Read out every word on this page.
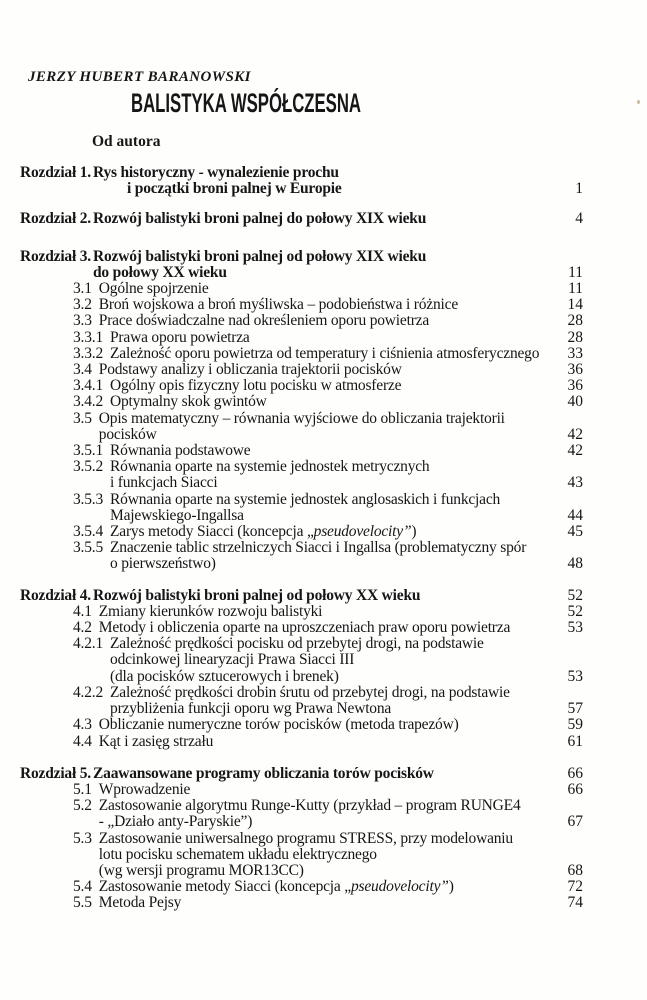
JERZY HUBERT BARANOWSKI
BALISTYKA WSPÓŁCZESNA
Od autora
Rozdział 1. Rys historyczny - wynalezienie prochu
i początki broni palnej w Europie	1
Rozdział 2. Rozwój balistyki broni palnej do połowy XIX wieku	4
Rozdział 3. Rozwój balistyki broni palnej od połowy XIX wieku
do połowy XX wieku	11
3.1 Ogólne spojrzenie	11
3.2 Broń wojskowa a broń myśliwska – podobieństwa i różnice	14
3.3 Prace doświadczalne nad określeniem oporu powietrza	28
3.3.1 Prawa oporu powietrza	28
3.3.2 Zależność oporu powietrza od temperatury i ciśnienia atmosferycznego	33
3.4 Podstawy analizy i obliczania trajektorii pocisków	36
3.4.1 Ogólny opis fizyczny lotu pocisku w atmosferze	36
3.4.2 Optymalny skok gwintów	40
3.5 Opis matematyczny – równania wyjściowe do obliczania trajektorii
pocisków	42
3.5.1 Równania podstawowe	42
3.5.2 Równania oparte na systemie jednostek metrycznych
i funkcjach Siacci	43
3.5.3 Równania oparte na systemie jednostek anglosaskich i funkcjach
Majewskiego-Ingallsa	44
3.5.4 Zarys metody Siacci (koncepcja „pseudovelocity”)	45
3.5.5 Znaczenie tablic strzelniczych Siacci i Ingallsa (problematyczny spór
o pierwszeństwo)	48
Rozdział 4. Rozwój balistyki broni palnej od połowy XX wieku	52
4.1 Zmiany kierunków rozwoju balistyki	52
4.2 Metody i obliczenia oparte na uproszczeniach praw oporu powietrza	53
4.2.1 Zależność prędkości pocisku od przebytej drogi, na podstawie
odcinkowej linearyzacji Prawa Siacci III
(dla pocisków sztucerowych i brenek)	53
4.2.2 Zależność prędkości drobin śrutu od przebytej drogi, na podstawie
przybliżenia funkcji oporu wg Prawa Newtona	57
4.3 Obliczanie numeryczne torów pocisków (metoda trapezów)	59
4.4 Kąt i zasięg strzału	61
Rozdział 5. Zaawansowane programy obliczania torów pocisków	66
5.1 Wprowadzenie	66
5.2 Zastosowanie algorytmu Runge-Kutty (przykład – program RUNGE4
- „Działo anty-Paryskie”)	67
5.3 Zastosowanie uniwersalnego programu STRESS, przy modelowaniu
lotu pocisku schematem układu elektrycznego
(wg wersji programu MOR13CC)	68
5.4 Zastosowanie metody Siacci (koncepcja „pseudovelocity”)	72
5.5 Metoda Pejsy	74
